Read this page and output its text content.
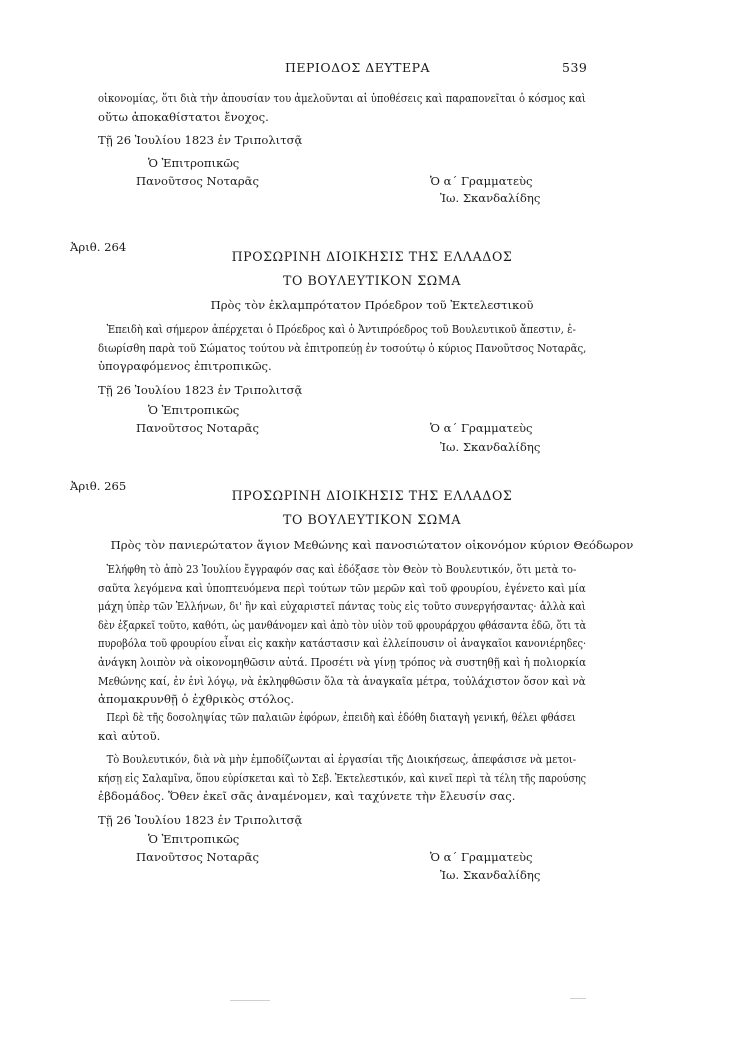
ΠΕΡΙΟΔΟΣ ΔΕΥΤΕΡΑ	539
οἰκονομίας, ὅτι διὰ τὴν ἀπουσίαν του ἀμελοῦνται αἱ ὑποθέσεις καὶ παραπονεῖται ὁ κόσμος καὶ
οὕτω ἀποκαθίστατοι ἔνοχος.
Τῇ 26 Ἰουλίου 1823 ἐν Τριπολιτσᾷ
Ὁ Ἐπιτροπικῶς
Πανοῦτσος Νοταρᾶς	Ὁ α΄ Γραμματεὺς
Ἰω. Σκανδαλίδης
Ἀριθ. 264
ΠΡΟΣΩΡΙΝΗ ΔΙΟΙΚΗΣΙΣ ΤΗΣ ΕΛΛΑΔΟΣ
ΤΟ ΒΟΥΛΕΥΤΙΚΟΝ ΣΩΜΑ
Πρὸς τὸν ἐκλαμπρότατον Πρόεδρον τοῦ Ἐκτελεστικοῦ
Ἐπειδὴ καὶ σήμερον ἀπέρχεται ὁ Πρόεδρος καὶ ὁ Ἀντιπρόεδρος τοῦ Βουλευτικοῦ ἄπεστιν, ἐ-
διωρίσθη παρὰ τοῦ Σώματος τούτου νὰ ἐπιτροπεύῃ ἐν τοσούτῳ ὁ κύριος Πανοῦτσος Νοταρᾶς,
ὑπογραφόμενος ἐπιτροπικῶς.
Τῇ 26 Ἰουλίου 1823 ἐν Τριπολιτσᾷ
Ὁ Ἐπιτροπικῶς
Πανοῦτσος Νοταρᾶς	Ὁ α΄ Γραμματεὺς
Ἰω. Σκανδαλίδης
Ἀριθ. 265
ΠΡΟΣΩΡΙΝΗ ΔΙΟΙΚΗΣΙΣ ΤΗΣ ΕΛΛΑΔΟΣ
ΤΟ ΒΟΥΛΕΥΤΙΚΟΝ ΣΩΜΑ
Πρὸς τὸν πανιερώτατον ἅγιον Μεθώνης καὶ πανοσιώτατον οἰκονόμον κύριον Θεόδωρον
Ἐλήφθη τὸ ἀπὸ 23 Ἰουλίου ἔγγραφόν σας καὶ ἐδόξασε τὸν Θεὸν τὸ Βουλευτικόν, ὅτι μετὰ το-
σαῦτα λεγόμενα καὶ ὑποπτευόμενα περὶ τούτων τῶν μερῶν καὶ τοῦ φρουρίου, ἐγένετο καὶ μία
μάχη ὑπὲρ τῶν Ἑλλήνων, δι' ἣν καὶ εὐχαριστεῖ πάντας τοὺς εἰς τοῦτο συνεργήσαντας· ἀλλὰ καὶ
δὲν ἐξαρκεῖ τοῦτο, καθότι, ὡς μανθάνομεν καὶ ἀπὸ τὸν υἱὸν τοῦ φρουράρχου φθάσαντα ἐδῶ, ὅτι τὰ
πυροβόλα τοῦ φρουρίου εἶναι εἰς κακὴν κατάστασιν καὶ ἐλλείπουσιν οἱ ἀναγκαῖοι κανονιέρηδες·
ἀνάγκη λοιπὸν νὰ οἰκονομηθῶσιν αὐτά. Προσέτι νὰ γίνῃ τρόπος νὰ συστηθῇ καὶ ἡ πολιορκία
Μεθώνης καί, ἐν ἑνὶ λόγῳ, νὰ ἐκληφθῶσιν ὅλα τὰ ἀναγκαῖα μέτρα, τοὐλάχιστον ὅσον καὶ νὰ
ἀπομακρυνθῇ ὁ ἐχθρικὸς στόλος.
Περὶ δὲ τῆς δοσοληψίας τῶν παλαιῶν ἐφόρων, ἐπειδὴ καὶ ἐδόθη διαταγὴ γενική, θέλει φθάσει
καὶ αὐτοῦ.
Τὸ Βουλευτικόν, διὰ νὰ μὴν ἐμποδίζωνται αἱ ἐργασίαι τῆς Διοικήσεως, ἀπεφάσισε νὰ μετοι-
κήσῃ εἰς Σαλαμῖνα, ὅπου εὑρίσκεται καὶ τὸ Σεβ. Ἐκτελεστικόν, καὶ κινεῖ περὶ τὰ τέλη τῆς παρούσης
ἑβδομάδος. Ὅθεν ἐκεῖ σᾶς ἀναμένομεν, καὶ ταχύνετε τὴν ἔλευσίν σας.
Τῇ 26 Ἰουλίου 1823 ἐν Τριπολιτσᾷ
Ὁ Ἐπιτροπικῶς
Πανοῦτσος Νοταρᾶς	Ὁ α΄ Γραμματεὺς
Ἰω. Σκανδαλίδης
